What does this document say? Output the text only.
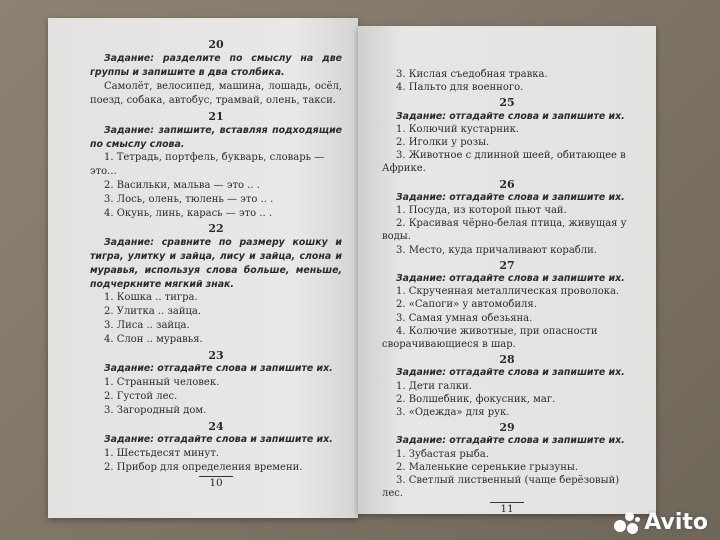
20
Задание: разделите по смыслу на две группы и запишите в два столбика.
Самолёт, велосипед, машина, лошадь, осёл, поезд, собака, автобус, трамвай, олень, такси.
21
Задание: запишите, вставляя подходящие по смыслу слова.
1. Тетрадь, портфель, букварь, словарь — это...
2. Васильки, мальва — это .. .
3. Лось, олень, тюлень — это .. .
4. Окунь, линь, карась — это .. .
22
Задание: сравните по размеру кошку и тигра, улитку и зайца, лису и зайца, слона и муравья, используя слова больше, меньше, подчеркните мягкий знак.
1. Кошка .. тигра.
2. Улитка .. зайца.
3. Лиса .. зайца.
4. Слон .. муравья.
23
Задание: отгадайте слова и запишите их.
1. Странный человек.
2. Густой лес.
3. Загородный дом.
24
Задание: отгадайте слова и запишите их.
1. Шестьдесят минут.
2. Прибор для определения времени.
10
3. Кислая съедобная травка.
4. Пальто для военного.
25
Задание: отгадайте слова и запишите их.
1. Колючий кустарник.
2. Иголки у розы.
3. Животное с длинной шеей, обитающее в Африке.
26
Задание: отгадайте слова и запишите их.
1. Посуда, из которой пьют чай.
2. Красивая чёрно-белая птица, живущая у воды.
3. Место, куда причаливают корабли.
27
Задание: отгадайте слова и запишите их.
1. Скрученная металлическая проволока.
2. «Сапоги» у автомобиля.
3. Самая умная обезьяна.
4. Колючие животные, при опасности сворачивающиеся в шар.
28
Задание: отгадайте слова и запишите их.
1. Дети галки.
2. Волшебник, фокусник, маг.
3. «Одежда» для рук.
29
Задание: отгадайте слова и запишите их.
1. Зубастая рыба.
2. Маленькие серенькие грызуны.
3. Светлый лиственный (чаще берёзовый) лес.
11
Avito
